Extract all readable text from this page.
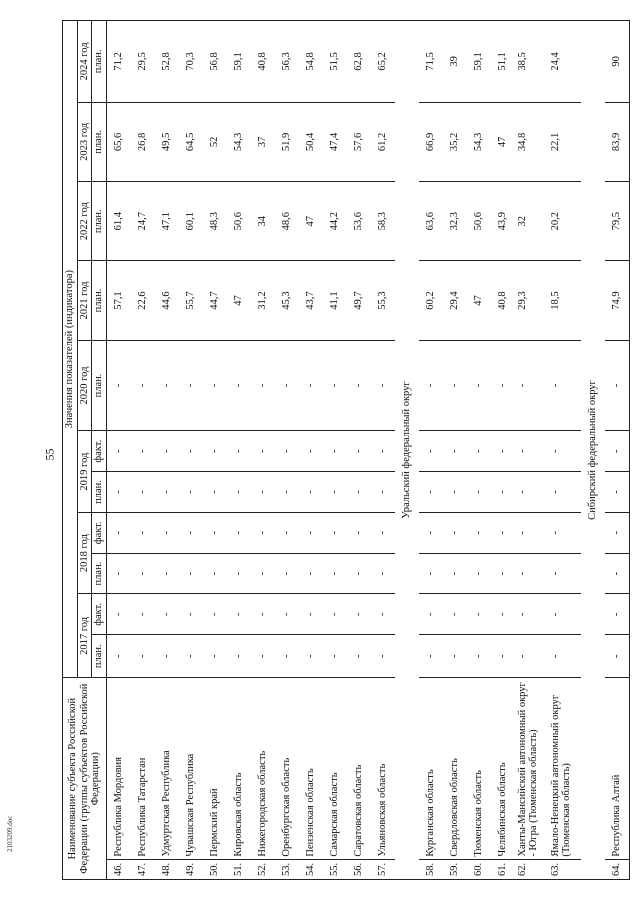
55
2103209.doc	Наименование субъекта Российской Федерации (группы субъектов Российской Федерации)		Значения показателей (индикатора)										
		2017 год		2018 год		2019 год		2020 год	2021 год	2022 год	2023 год	2024 год
		план.	факт.	план.	факт.	план.	факт.	план.	план.	план.	план.	план.
46.	Республика Мордовия	-	-	-	-	-	-	-	57,1	61,4	65,6	71,2
47.	Республика Татарстан	-	-	-	-	-	-	-	22,6	24,7	26,8	29,5
48.	Удмуртская Республика	-	-	-	-	-	-	-	44,6	47,1	49,5	52,8
49.	Чувашская Республика	-	-	-	-	-	-	-	55,7	60,1	64,5	70,3
50.	Пермский край	-	-	-	-	-	-	-	44,7	48,3	52	56,8
51.	Кировская область	-	-	-	-	-	-	-	47	50,6	54,3	59,1
52.	Нижегородская область	-	-	-	-	-	-	-	31,2	34	37	40,8
53.	Оренбургская область	-	-	-	-	-	-	-	45,3	48,6	51,9	56,3
54.	Пензенская область	-	-	-	-	-	-	-	43,7	47	50,4	54,8
55.	Самарская область	-	-	-	-	-	-	-	41,1	44,2	47,4	51,5
56.	Саратовская область	-	-	-	-	-	-	-	49,7	53,6	57,6	62,8
57.	Ульяновская область	-	-	-	-	-	-	-	55,3	58,3	61,2	65,2
Уральский федеральный округ												
58.	Курганская область	-	-	-	-	-	-	-	60,2	63,6	66,9	71,5
59.	Свердловская область	-	-	-	-	-	-	-	29,4	32,3	35,2	39
60.	Тюменская область	-	-	-	-	-	-	-	47	50,6	54,3	59,1
61.	Челябинская область	-	-	-	-	-	-	-	40,8	43,9	47	51,1
62.	Ханты-Мансийский автономный округ - Югра (Тюменская область)	-	-	-	-	-	-	-	29,3	32	34,8	38,5
63.	Ямало-Ненецкий автономный округ (Тюменская область)	-	-	-	-	-	-	-	18,5	20,2	22,1	24,4
Сибирский федеральный округ												
64.	Республика Алтай	-	-	-	-	-	-	-	74,9	79,5	83,9	90
